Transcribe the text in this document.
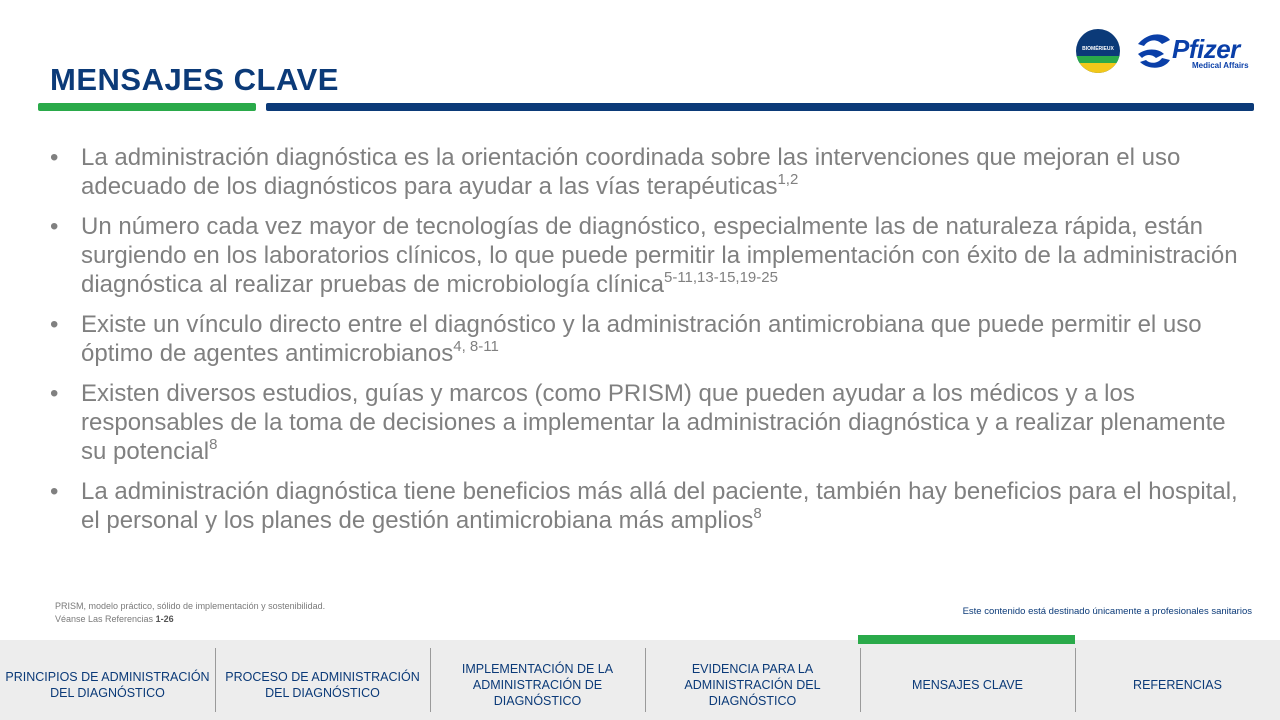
MENSAJES CLAVE
BIOMÉRIEUX Pfizer
Medical Affairs
• La administración diagnóstica es la orientación coordinada sobre las intervenciones que mejoran el uso adecuado de los diagnósticos para ayudar a las vías terapéuticas$^{1,2}$
• Un número cada vez mayor de tecnologías de diagnóstico, especialmente las de naturaleza rápida, están surgiendo en los laboratorios clínicos, lo que puede permitir la implementación con éxito de la administración diagnóstica al realizar pruebas de microbiología clínica$^{5-11,13-15,19-25}$
• Existe un vínculo directo entre el diagnóstico y la administración antimicrobiana que puede permitir el uso óptimo de agentes antimicrobianos$^{4, 8-11}$
• Existen diversos estudios, guías y marcos (como PRISM) que pueden ayudar a los médicos y a los responsables de la toma de decisiones a implementar la administración diagnóstica y a realizar plenamente su potencial$^8$
• La administración diagnóstica tiene beneficios más allá del paciente, también hay beneficios para el hospital, el personal y los planes de gestión antimicrobiana más amplios$^8$
PRISM, modelo práctico, sólido de implementación y sostenibilidad.
Véanse Las Referencias 1-26
Este contenido está destinado únicamente a profesionales sanitarios
PRINCIPIOS DE ADMINISTRACIÓN DEL DIAGNÓSTICO
PROCESO DE ADMINISTRACIÓN DEL DIAGNÓSTICO
IMPLEMENTACIÓN DE LA ADMINISTRACIÓN DE DIAGNÓSTICO
EVIDENCIA PARA LA ADMINISTRACIÓN DEL DIAGNÓSTICO
MENSAJES CLAVE	REFERENCIAS
